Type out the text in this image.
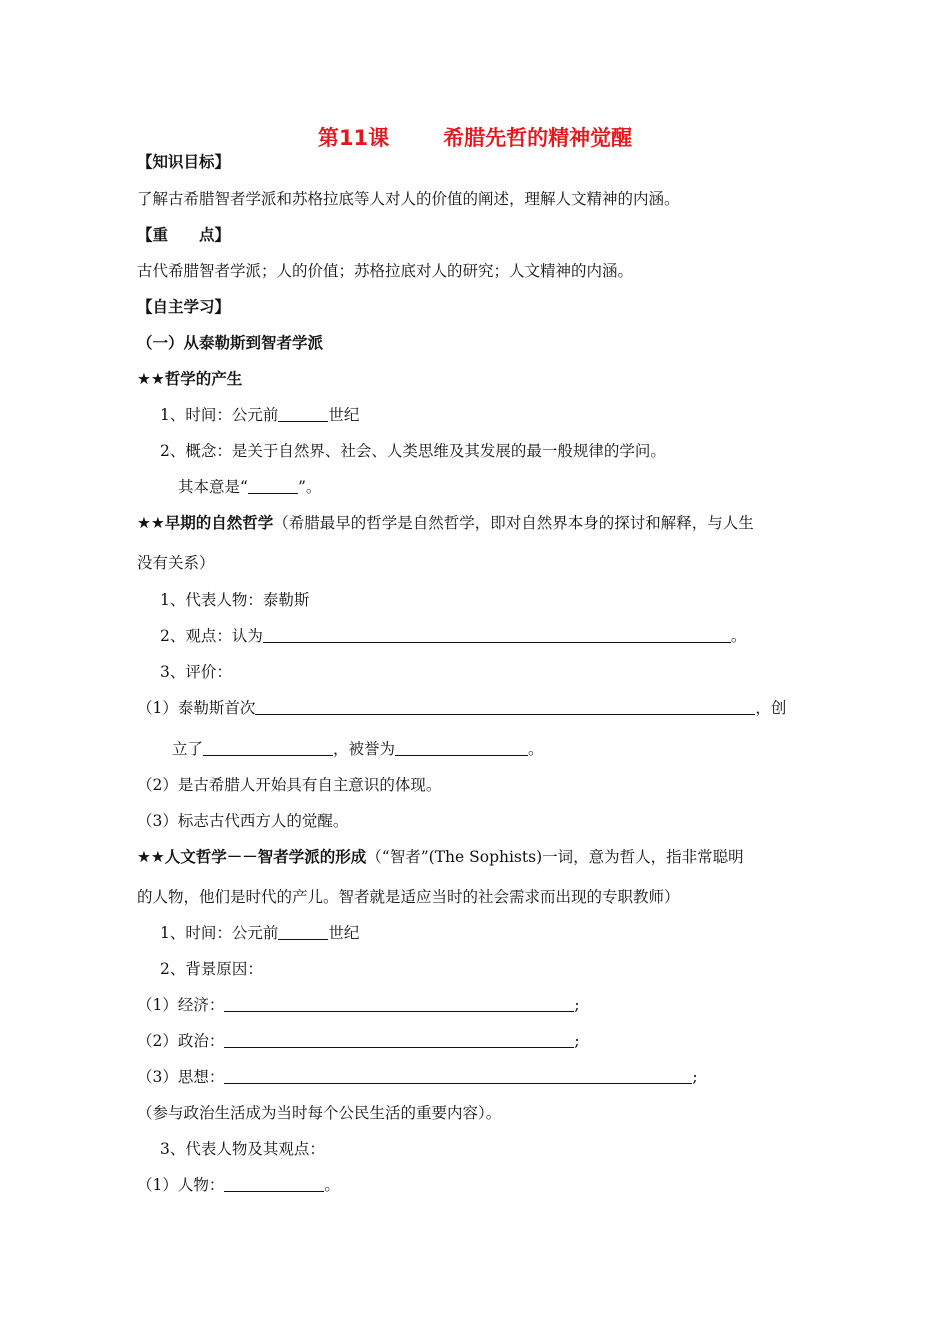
第11课	希腊先哲的精神觉醒
【知识目标】
了解古希腊智者学派和苏格拉底等人对人的价值的阐述，理解人文精神的内涵。
【重　　点】
古代希腊智者学派；人的价值；苏格拉底对人的研究；人文精神的内涵。
【自主学习】
（一）从泰勒斯到智者学派
★★哲学的产生
1、时间：公元前	世纪
2、概念：是关于自然界、社会、人类思维及其发展的最一般规律的学问。
其本意是“	”。
★★早期的自然哲学（希腊最早的哲学是自然哲学，即对自然界本身的探讨和解释，与人生
没有关系）
1、代表人物：泰勒斯
2、观点：认为	。
3、评价：
（1）泰勒斯首次	，创
立了	，被誉为	。
（2）是古希腊人开始具有自主意识的体现。
（3）标志古代西方人的觉醒。
★★人文哲学－－智者学派的形成（“智者”(The Sophists)一词，意为哲人，指非常聪明
的人物，他们是时代的产儿。智者就是适应当时的社会需求而出现的专职教师）
1、时间：公元前	世纪
2、背景原因：
（1）经济：	;
（2）政治：	;
（3）思想：	;
（参与政治生活成为当时每个公民生活的重要内容）。
3、代表人物及其观点：
（1）人物：	。
